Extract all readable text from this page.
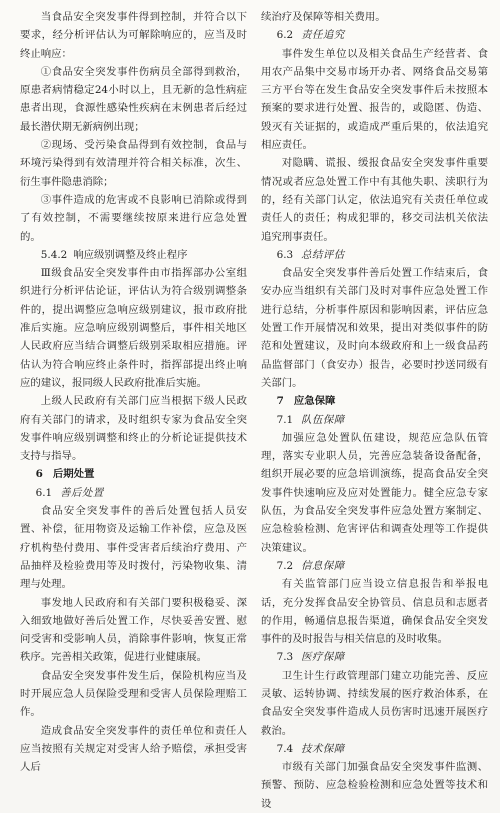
当食品安全突发事件得到控制，并符合以下要求，经分析评估认为可解除响应的，应当及时终止响应：

①食品安全突发事件伤病员全部得到救治，原患者病情稳定24小时以上，且无新的急性病症患者出现，食源性感染性疾病在末例患者后经过最长潜伏期无新病例出现；

②现场、受污染食品得到有效控制，食品与环境污染得到有效清理并符合相关标准，次生、衍生事件隐患消除；

③事件造成的危害或不良影响已消除或得到了有效控制，不需要继续按原来进行应急处置的。

5.4.2 响应级别调整及终止程序

Ⅲ级食品安全突发事件由市指挥部办公室组织进行分析评估论证，评估认为符合级别调整条件的，提出调整应急响应级别建议，报市政府批准后实施。应急响应级别调整后，事件相关地区人民政府应当结合调整后级别采取相应措施。评估认为符合响应终止条件时，指挥部提出终止响应的建议，报同级人民政府批准后实施。

上级人民政府有关部门应当根据下级人民政府有关部门的请求，及时组织专家为食品安全突发事件响应级别调整和终止的分析论证提供技术支持与指导。

6 后期处置
6.1 善后处置

食品安全突发事件的善后处置包括人员安置、补偿，征用物资及运输工作补偿，应急及医疗机构垫付费用、事件受害者后续治疗费用、产品抽样及检验费用等及时拨付，污染物收集、清理与处理。

事发地人民政府和有关部门要积极稳妥、深入细致地做好善后处置工作，尽快妥善安置、慰问受害和受影响人员，消除事件影响，恢复正常秩序。完善相关政策，促进行业健康展。

食品安全突发事件发生后，保险机构应当及时开展应急人员保险受理和受害人员保险理赔工作。

造成食品安全突发事件的责任单位和责任人应当按照有关规定对受害人给予赔偿，承担受害人后

续治疗及保障等相关费用。

6.2 责任追究

事件发生单位以及相关食品生产经营者、食用农产品集中交易市场开办者、网络食品交易第三方平台等在发生食品安全突发事件后未按照本预案的要求进行处置、报告的，或隐匿、伪造、毁灭有关证据的，或造成严重后果的，依法追究相应责任。

对隐瞒、谎报、缓报食品安全突发事件重要情况或者应急处置工作中有其他失职、渎职行为的，经有关部门认定，依法追究有关责任单位或责任人的责任；构成犯罪的，移交司法机关依法追究刑事责任。

6.3 总结评估

食品安全突发事件善后处置工作结束后，食安办应当组织有关部门及时对事件应急处置工作进行总结，分析事件原因和影响因素，评估应急处置工作开展情况和效果，提出对类似事件的防范和处置建议，及时向本级政府和上一级食品药品监督部门（食安办）报告，必要时抄送同级有关部门。

7 应急保障
7.1 队伍保障

加强应急处置队伍建设，规范应急队伍管理，落实专业职人员，完善应急装备设备配备，组织开展必要的应急培训演练，提高食品安全突发事件快速响应及应对处置能力。健全应急专家队伍，为食品安全突发事件应急处置方案制定、应急检验检测、危害评估和调查处理等工作提供决策建议。

7.2 信息保障

有关监管部门应当设立信息报告和举报电话，充分发挥食品安全协管员、信息员和志愿者的作用，畅通信息报告渠道，确保食品安全突发事件的及时报告与相关信息的及时收集。

7.3 医疗保障

卫生计生行政管理部门建立功能完善、反应灵敏、运转协调、持续发展的医疗救治体系，在食品安全突发事件造成人员伤害时迅速开展医疗救治。

7.4 技术保障

市级有关部门加强食品安全突发事件监测、预警、预防、应急检验检测和应急处置等技术和设
